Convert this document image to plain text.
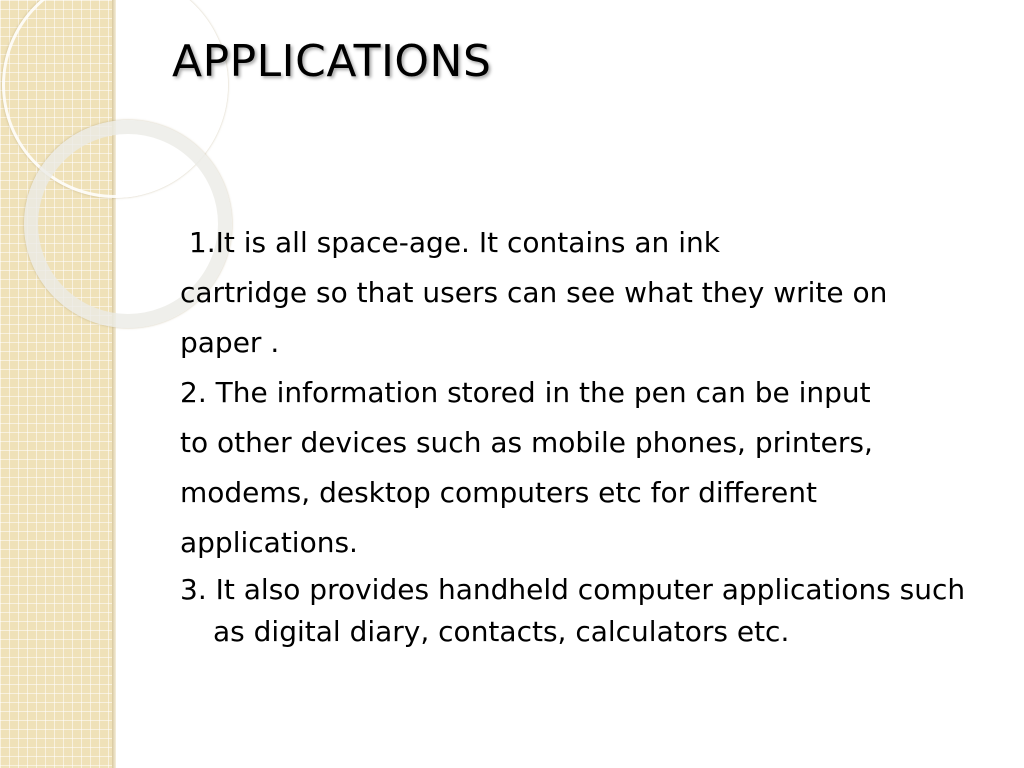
APPLICATIONS

1.It is all space-age. It contains an ink

cartridge so that users can see what they write on

paper .

2. The information stored in the pen can be input

to other devices such as mobile phones, printers,

modems, desktop computers etc for different

applications.

3. It also provides handheld computer applications such as digital diary, contacts, calculators etc.
